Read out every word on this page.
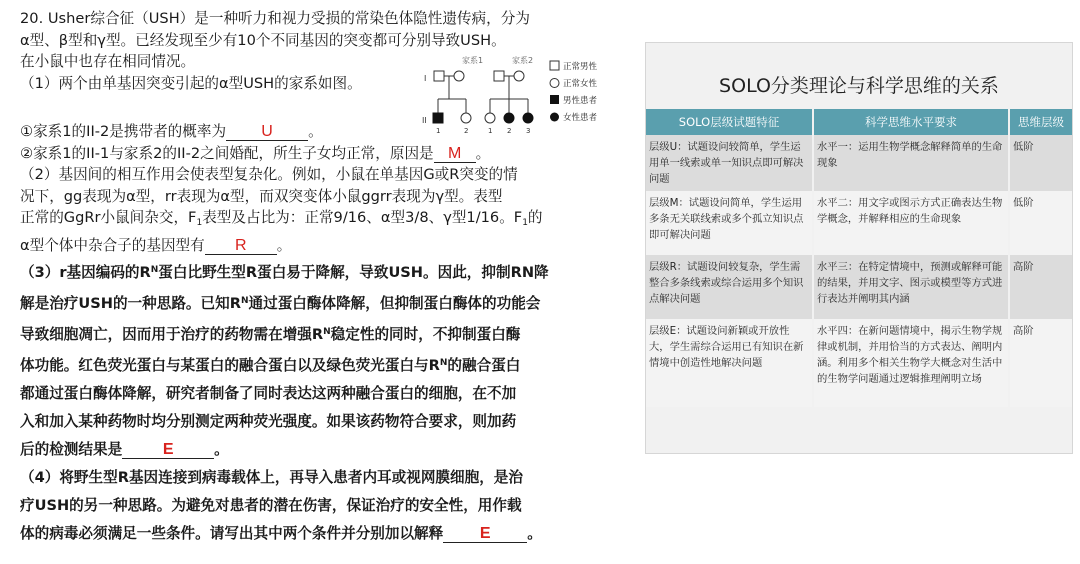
20. Usher综合征（USH）是一种听力和视力受损的常染色体隐性遗传病，分为

α型、β型和γ型。已经发现至少有10个不同基因的突变都可分别导致USH。

在小鼠中也存在相同情况。

（1）两个由单基因突变引起的α型USH的家系如图。

①家系1的II-2是携带者的概率为 U 。

②家系1的II-1与家系2的II-2之间婚配，所生子女均正常，原因是 M 。

（2）基因间的相互作用会使表型复杂化。例如，小鼠在单基因G或R突变的情

况下，gg表现为α型，rr表现为α型，而双突变体小鼠ggrr表现为γ型。表型

正常的GgRr小鼠间杂交，$F_1$表型及占比为：正常9/16、α型3/8、γ型1/16。$F_1$的

α型个体中杂合子的基因型有 R 。

（3）r基因编码的$R^N$蛋白比野生型R蛋白易于降解，导致USH。因此，抑制RN降

解是治疗USH的一种思路。已知$R^N$通过蛋白酶体降解，但抑制蛋白酶体的功能会

导致细胞凋亡，因而用于治疗的药物需在增强$R^N$稳定性的同时，不抑制蛋白酶

体功能。红色荧光蛋白与某蛋白的融合蛋白以及绿色荧光蛋白与$R^N$的融合蛋白

都通过蛋白酶体降解，研究者制备了同时表达这两种融合蛋白的细胞，在不加

入和加入某种药物时均分别测定两种荧光强度。如果该药物符合要求，则加药

后的检测结果是	E	。

（4）将野生型R基因连接到病毒载体上，再导入患者内耳或视网膜细胞，是治

疗USH的另一种思路。为避免对患者的潜在伤害，保证治疗的安全性，用作载

体的病毒必须满足一些条件。请写出其中两个条件并分别加以解释 E	。

家系1	家系2
I
II
1	2	1 2 3
正常男性
正常女性
男性患者
女性患者
SOLO分类理论与科学思维的关系
SOLO层级试题特征	科学思维水平要求	思维层级
层级U：试题设问较简单，学生运用单一线索或单一知识点即可解决问题	水平一：运用生物学概念解释简单的生命现象	低阶
层级M：试题设问简单，学生运用多条无关联线索或多个孤立知识点即可解决问题	水平二：用文字或图示方式正确表达生物学概念，并解释相应的生命现象	低阶
层级R：试题设问较复杂，学生需整合多条线索或综合运用多个知识点解决问题	水平三：在特定情境中，预测或解释可能的结果，并用文字、图示或模型等方式进行表达并阐明其内涵	高阶
层级E：试题设问新颖或开放性大，学生需综合运用已有知识在新情境中创造性地解决问题	水平四：在新问题情境中，揭示生物学规律或机制，并用恰当的方式表达、阐明内涵。利用多个相关生物学大概念对生活中的生物学问题通过逻辑推理阐明立场	高阶
